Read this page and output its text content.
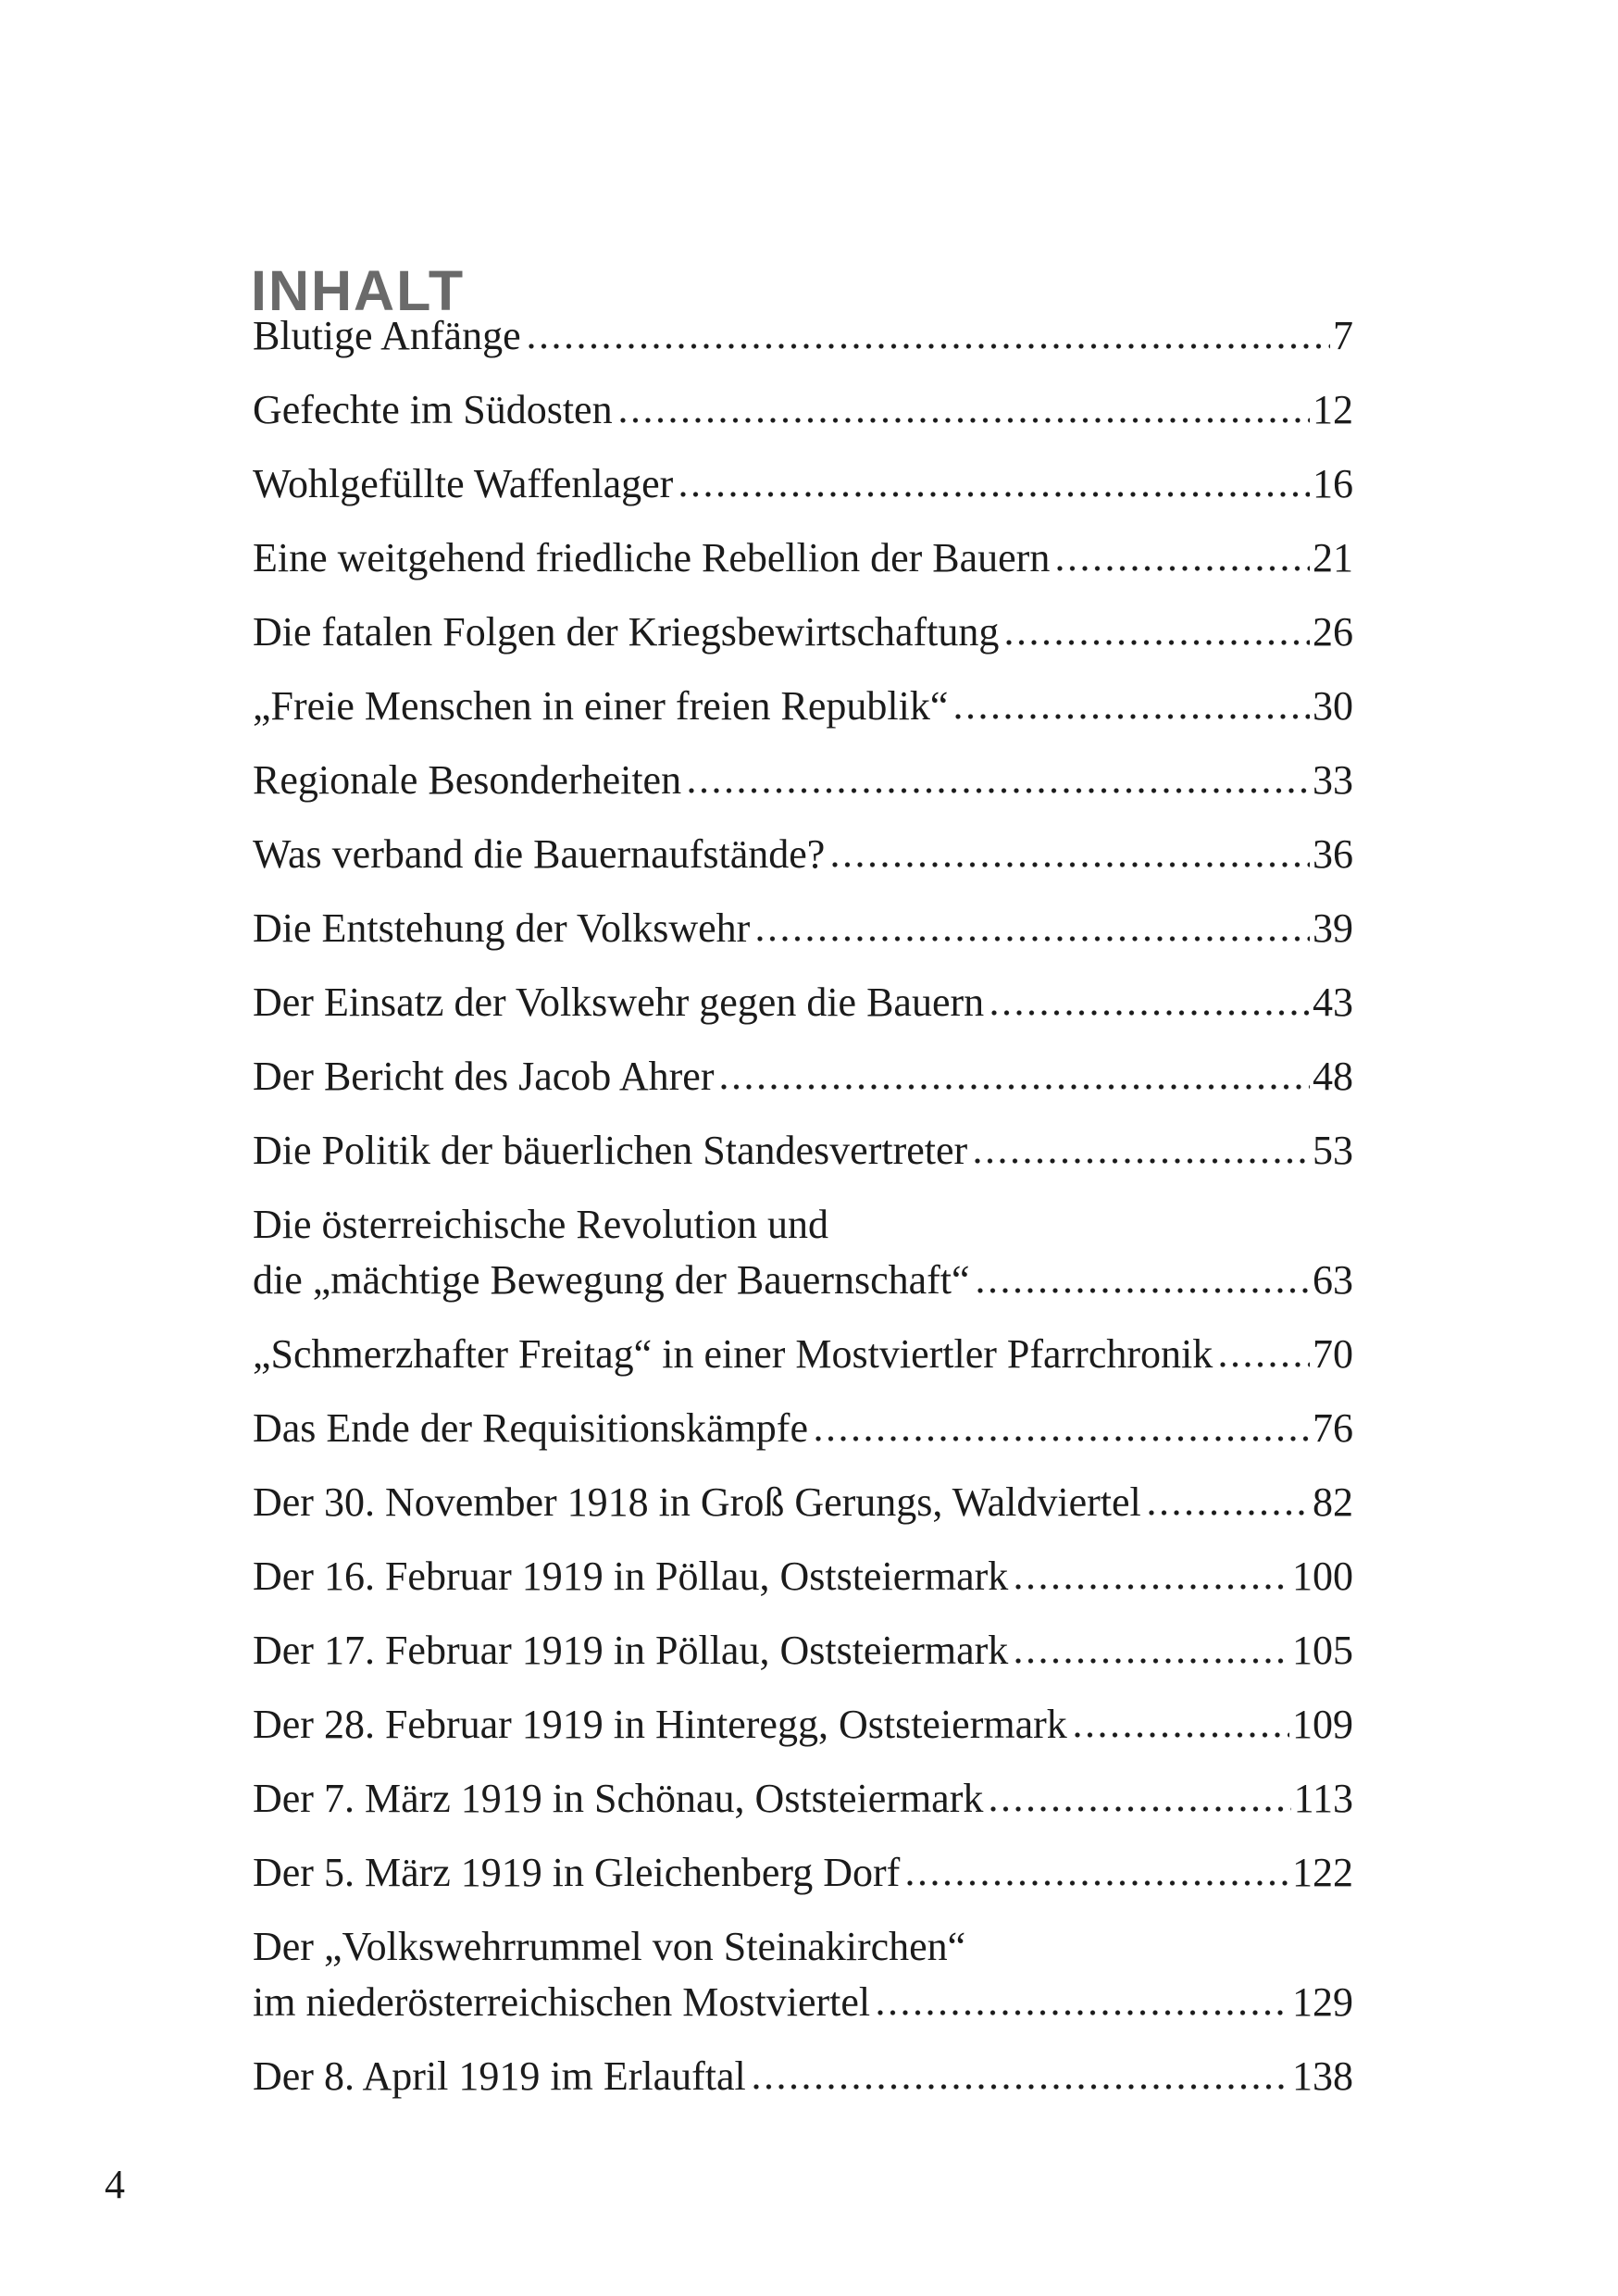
INHALT
Blutige Anfänge	7
Gefechte im Südosten	12
Wohlgefüllte Waffenlager	16
Eine weitgehend friedliche Rebellion der Bauern	21
Die fatalen Folgen der Kriegsbewirtschaftung	26
„Freie Menschen in einer freien Republik“	30
Regionale Besonderheiten	33
Was verband die Bauernaufstände?	36
Die Entstehung der Volkswehr	39
Der Einsatz der Volkswehr gegen die Bauern	43
Der Bericht des Jacob Ahrer	48
Die Politik der bäuerlichen Standesvertreter	53
Die österreichische Revolution und
die „mächtige Bewegung der Bauernschaft“	63
„Schmerzhafter Freitag“ in einer Mostviertler Pfarrchronik 70
Das Ende der Requisitionskämpfe	76
Der 30. November 1918 in Groß Gerungs, Waldviertel	82
Der 16. Februar 1919 in Pöllau, Oststeiermark	100
Der 17. Februar 1919 in Pöllau, Oststeiermark	105
Der 28. Februar 1919 in Hinteregg, Oststeiermark	109
Der 7. März 1919 in Schönau, Oststeiermark	113
Der 5. März 1919 in Gleichenberg Dorf	122
Der „Volkswehrrummel von Steinakirchen“
im niederösterreichischen Mostviertel	129
Der 8. April 1919 im Erlauftal	138
4
